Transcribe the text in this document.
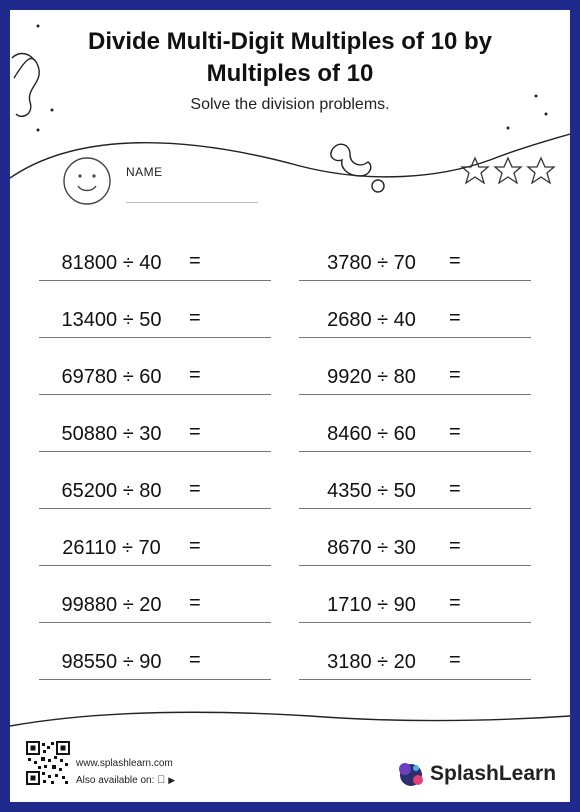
Divide Multi-Digit Multiples of 10 by
Multiples of 10
Solve the division problems.
NAME
81800 ÷ 40	=
13400 ÷ 50	=
69780 ÷ 60	=
50880 ÷ 30	=
65200 ÷ 80	=
26110 ÷ 70	=
99880 ÷ 20	=
98550 ÷ 90	=
3780 ÷ 70	=
2680 ÷ 40	=
9920 ÷ 80	=
8460 ÷ 60	=
4350 ÷ 50	=
8670 ÷ 30	=
1710 ÷ 90	=
3180 ÷ 20	=
www.splashlearn.com
Also available on: ▶	SplashLearn
